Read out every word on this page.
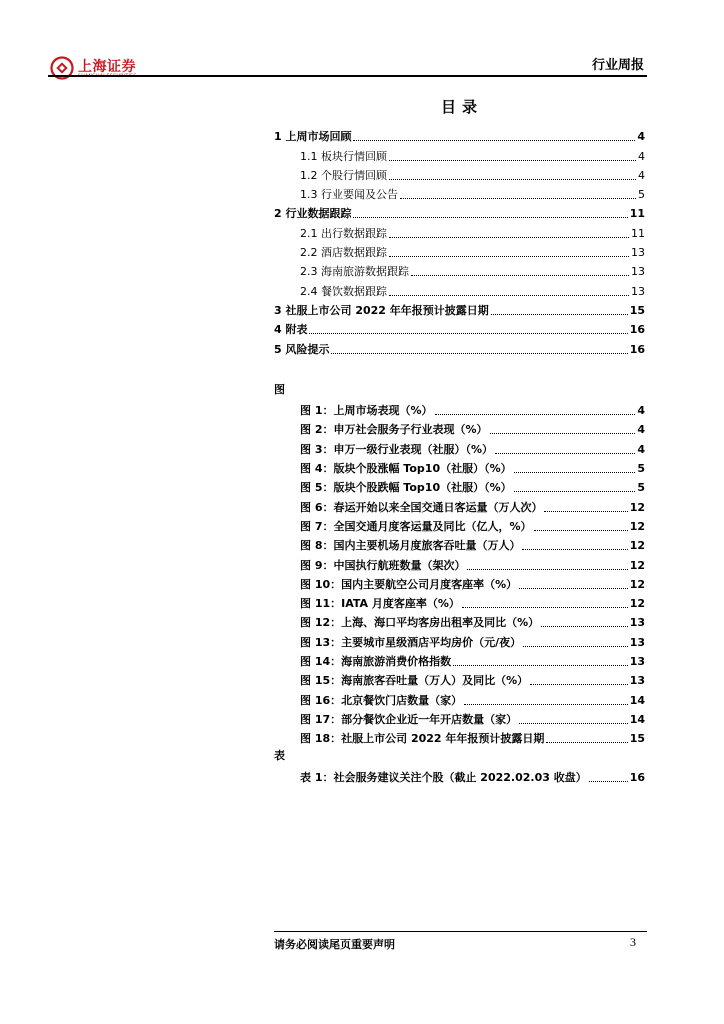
上海证券	行业周报
目录
1 上周市场回顾	4
1.1 板块行情回顾	4
1.2 个股行情回顾	4
1.3 行业要闻及公告	5
2 行业数据跟踪	11
2.1 出行数据跟踪	11
2.2 酒店数据跟踪	13
2.3 海南旅游数据跟踪	13
2.4 餐饮数据跟踪	13
3 社服上市公司 2022 年年报预计披露日期	15
4 附表	16
5 风险提示	16
图
图 1：上周市场表现（%）	4
图 2：申万社会服务子行业表现（%）	4
图 3：申万一级行业表现（社服）（%）	4
图 4：版块个股涨幅 Top10（社服）（%）	5
图 5：版块个股跌幅 Top10（社服）（%）	5
图 6：春运开始以来全国交通日客运量（万人次）	12
图 7：全国交通月度客运量及同比（亿人，%）	12
图 8：国内主要机场月度旅客吞吐量（万人）	12
图 9：中国执行航班数量（架次）	12
图 10：国内主要航空公司月度客座率（%）	12
图 11：IATA 月度客座率（%）	12
图 12：上海、海口平均客房出租率及同比（%）	13
图 13：主要城市星级酒店平均房价（元/夜）	13
图 14：海南旅游消费价格指数	13
图 15：海南旅客吞吐量（万人）及同比（%）	13
图 16：北京餐饮门店数量（家）	14
图 17：部分餐饮企业近一年开店数量（家）	14
图 18：社服上市公司 2022 年年报预计披露日期	15
表
表 1：社会服务建议关注个股（截止 2022.02.03 收盘）	16
请务必阅读尾页重要声明	3
